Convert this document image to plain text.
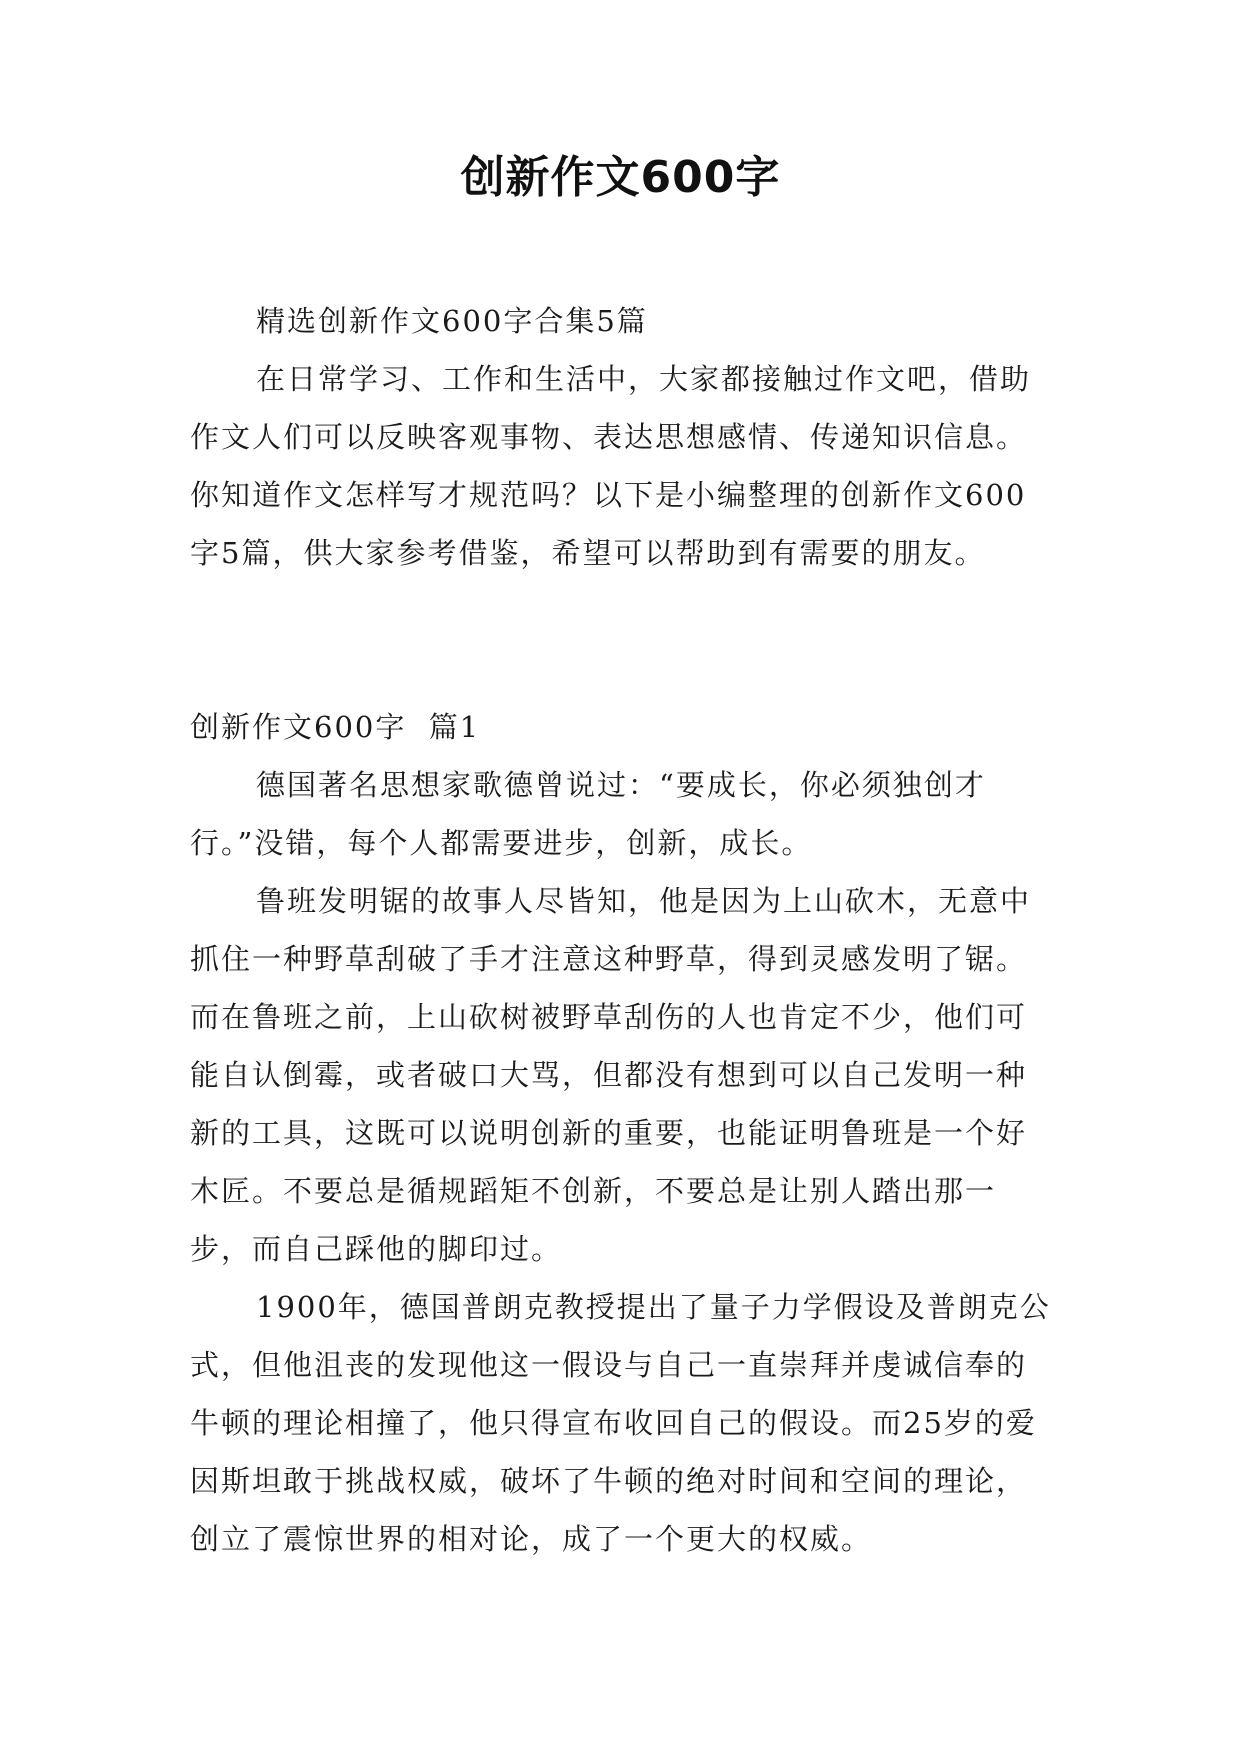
创新作文600字

精选创新作文600字合集5篇

在日常学习、工作和生活中，大家都接触过作文吧，借助作文人们可以反映客观事物、表达思想感情、传递知识信息。你知道作文怎样写才规范吗？以下是小编整理的创新作文600字5篇，供大家参考借鉴，希望可以帮助到有需要的朋友。

创新作文600字  篇1

德国著名思想家歌德曾说过：“要成长，你必须独创才行。”没错，每个人都需要进步，创新，成长。

鲁班发明锯的故事人尽皆知，他是因为上山砍木，无意中抓住一种野草刮破了手才注意这种野草，得到灵感发明了锯。而在鲁班之前，上山砍树被野草刮伤的人也肯定不少，他们可能自认倒霉，或者破口大骂，但都没有想到可以自己发明一种新的工具，这既可以说明创新的重要，也能证明鲁班是一个好木匠。不要总是循规蹈矩不创新，不要总是让别人踏出那一步，而自己踩他的脚印过。

1900年，德国普朗克教授提出了量子力学假设及普朗克公式，但他沮丧的发现他这一假设与自己一直崇拜并虔诚信奉的牛顿的理论相撞了，他只得宣布收回自己的假设。而25岁的爱因斯坦敢于挑战权威，破坏了牛顿的绝对时间和空间的理论，创立了震惊世界的相对论，成了一个更大的权威。
